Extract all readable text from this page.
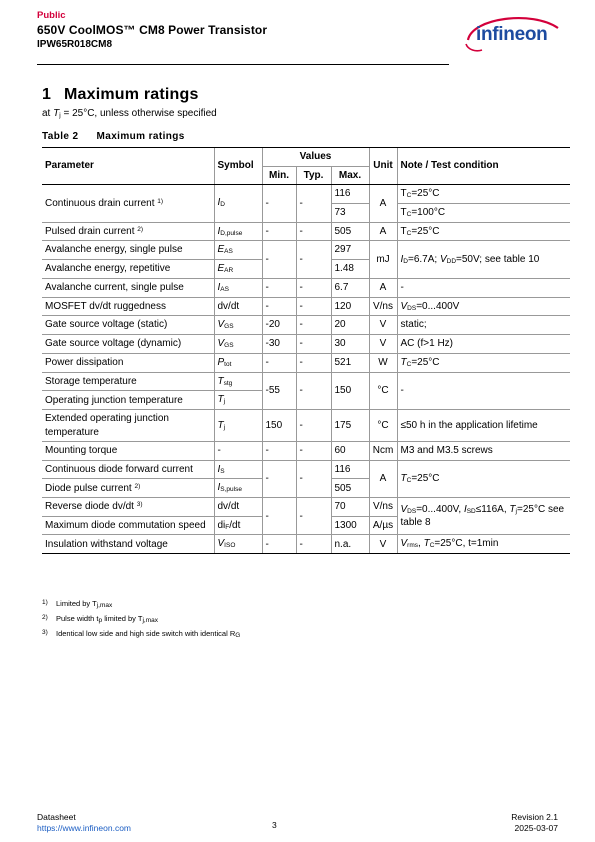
Public
650V CoolMOS™ CM8 Power Transistor
IPW65R018CM8	infineon
1 Maximum ratings
at $T_j = 25^\circ C$, unless otherwise specified
Table 2 Maximum ratings
Parameter	Symbol	Values			Unit	Note / Test condition
		Min.	Typ.	Max.		
Continuous drain current $^{1)}$	$I_D$	-	-	116	A	$T_C=25^\circ C$
				73		$T_C=100^\circ C$
Pulsed drain current $^{2)}$	$I_{D,pulse}$	-	-	505	A	$T_C=25^\circ C$
Avalanche energy, single pulse	$E_{AS}$	-	-	297	mJ	$I_D=6.7A$; $V_{DD}=50V$; see table 10
Avalanche energy, repetitive	$E_{AR}$			1.48		
Avalanche current, single pulse	$I_{AS}$	-	-	6.7	A	-
MOSFET dv/dt ruggedness	dv/dt	-	-	120	V/ns	$V_{DS}=0...400V$
Gate source voltage (static)	$V_{GS}$	-20	-	20	V	static;
Gate source voltage (dynamic)	$V_{GS}$	-30	-	30	V	AC (f>1 Hz)
Power dissipation	$P_{tot}$	-	-	521	W	$T_C=25^\circ C$
Storage temperature	$T_{stg}$	-55	-	150	°C	-
Operating junction temperature	$T_j$
Extended operating junction temperature	$T_j$	150	-	175	°C	≤50 h in the application lifetime
Mounting torque	-	-	-	60	Ncm	M3 and M3.5 screws
Continuous diode forward current	$I_S$	-	-	116	A	$T_C=25^\circ C$
Diode pulse current $^{2)}$	$I_{S,pulse}$			505		
Reverse diode dv/dt $^{3)}$	dv/dt	-	-	70	V/ns	$V_{DS}=0...400V$, $I_{SD}\le 116A$, $T_j=25^\circ C$ see table 8
Maximum diode commutation speed	$di_F/dt$			1300	A/µs	
Insulation withstand voltage	$V_{ISO}$	-	-	n.a.	V	$V_{rms}$, $T_C=25^\circ C$, t=1min
1) Limited by $T_{j,max}$
2) Pulse width $t_p$ limited by $T_{j,max}$
3) Identical low side and high side switch with identical $R_G$
Datasheet
https://www.infineon.com	3
Revision 2.1
2025-03-07
